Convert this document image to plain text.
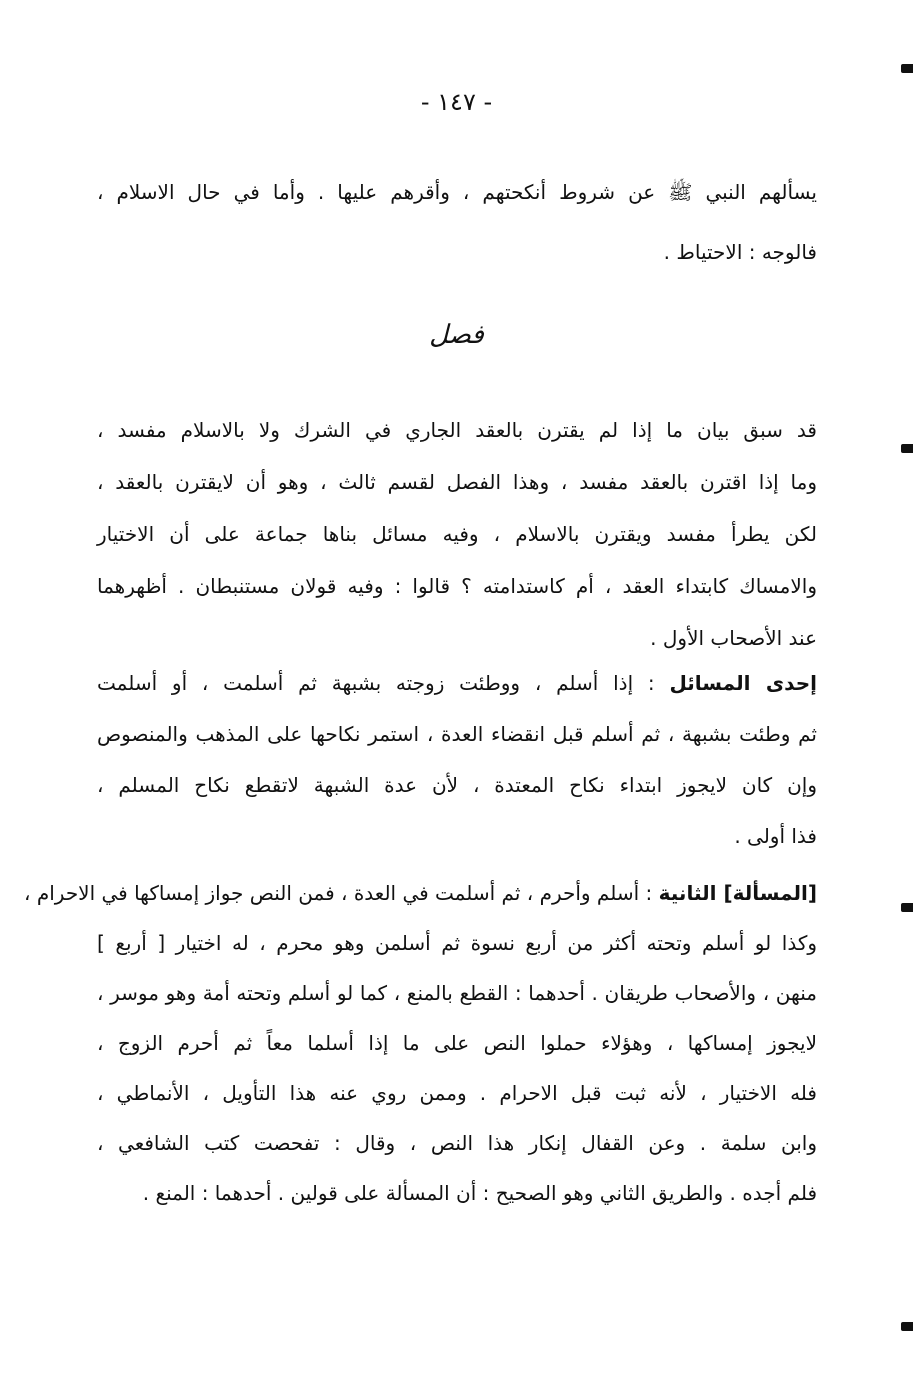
- ١٤٧ -
يسألهم النبي ﷺ عن شروط أنكحتهم ، وأقرهم عليها . وأما في حال الاسلام ،
فالوجه : الاحتياط .
فصل
قد سبق بيان ما إذا لم يقترن بالعقد الجاري في الشرك ولا بالاسلام مفسد ،
وما إذا اقترن بالعقد مفسد ، وهذا الفصل لقسم ثالث ، وهو أن لايقترن بالعقد ،
لكن يطرأ مفسد ويقترن بالاسلام ، وفيه مسائل بناها جماعة على أن الاختيار
والامساك كابتداء العقد ، أم كاستدامته ؟ قالوا : وفيه قولان مستنبطان . أظهرهما
عند الأصحاب الأول .
إحدى المسائل : إذا أسلم ، ووطئت زوجته بشبهة ثم أسلمت ، أو أسلمت
ثم وطئت بشبهة ، ثم أسلم قبل انقضاء العدة ، استمر نكاحها على المذهب والمنصوص
وإن كان لايجوز ابتداء نكاح المعتدة ، لأن عدة الشبهة لاتقطع نكاح المسلم ،
فذا أولى .
[المسألة] الثانية : أسلم وأحرم ، ثم أسلمت في العدة ، فمن النص جواز إمساكها في الاحرام ،
وكذا لو أسلم وتحته أكثر من أربع نسوة ثم أسلمن وهو محرم ، له اختيار [ أربع ]
منهن ، والأصحاب طريقان . أحدهما : القطع بالمنع ، كما لو أسلم وتحته أمة وهو موسر ،
لايجوز إمساكها ، وهؤلاء حملوا النص على ما إذا أسلما معاً ثم أحرم الزوج ،
فله الاختيار ، لأنه ثبت قبل الاحرام . وممن روي عنه هذا التأويل ، الأنماطي ،
وابن سلمة . وعن القفال إنكار هذا النص ، وقال : تفحصت كتب الشافعي ،
فلم أجده . والطريق الثاني وهو الصحيح : أن المسألة على قولين . أحدهما : المنع .
